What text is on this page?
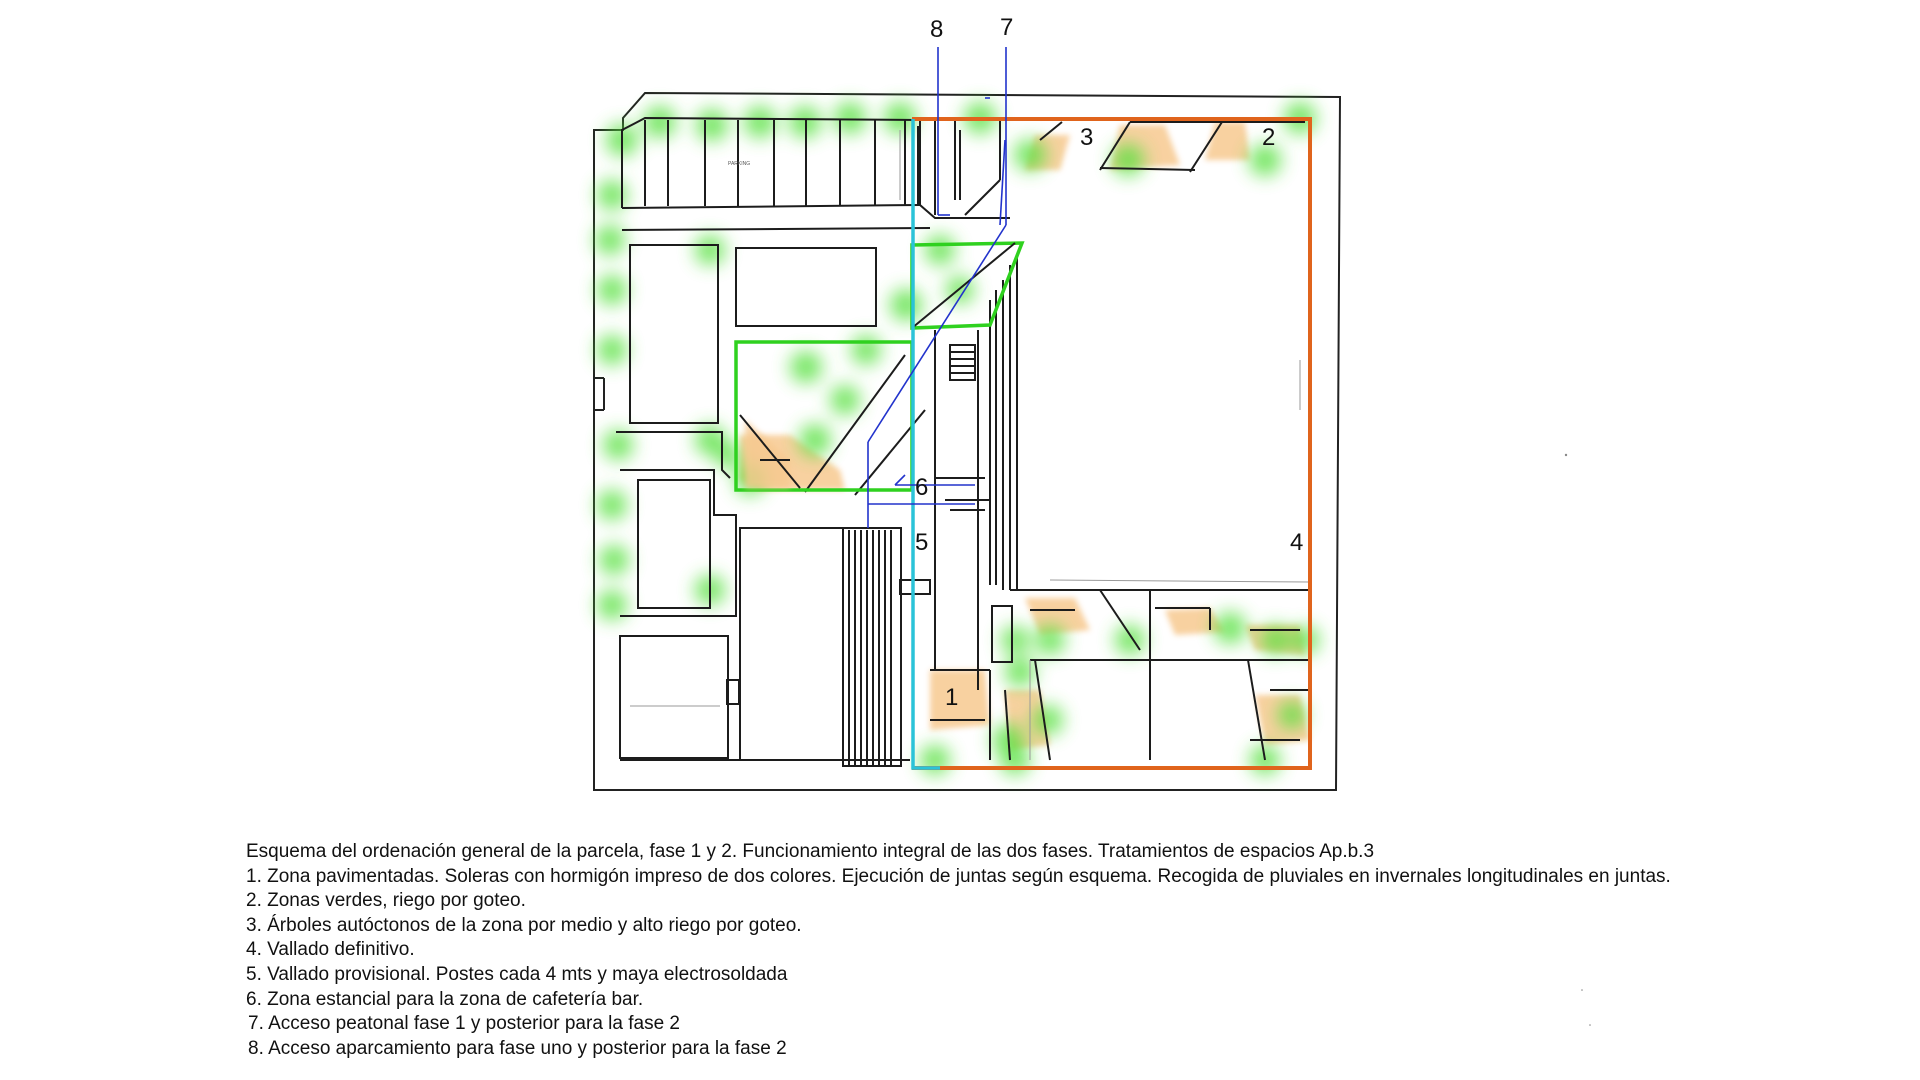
PARKING
1
2
3
4
5
6
7
8
Esquema del ordenación general de la parcela, fase 1 y 2. Funcionamiento integral de las dos fases. Tratamientos de espacios Ap.b.3
1. Zona pavimentadas. Soleras con hormigón impreso de dos colores. Ejecución de juntas según esquema. Recogida de pluviales en invernales longitudinales en juntas.
2. Zonas verdes, riego por goteo.
3. Árboles autóctonos de la zona por medio y alto riego por goteo.
4. Vallado definitivo.
5. Vallado provisional. Postes cada 4 mts y maya electrosoldada
6. Zona estancial para la zona de cafetería bar.
7. Acceso peatonal fase 1 y posterior para la fase 2
8. Acceso aparcamiento para fase uno y posterior para la fase 2
